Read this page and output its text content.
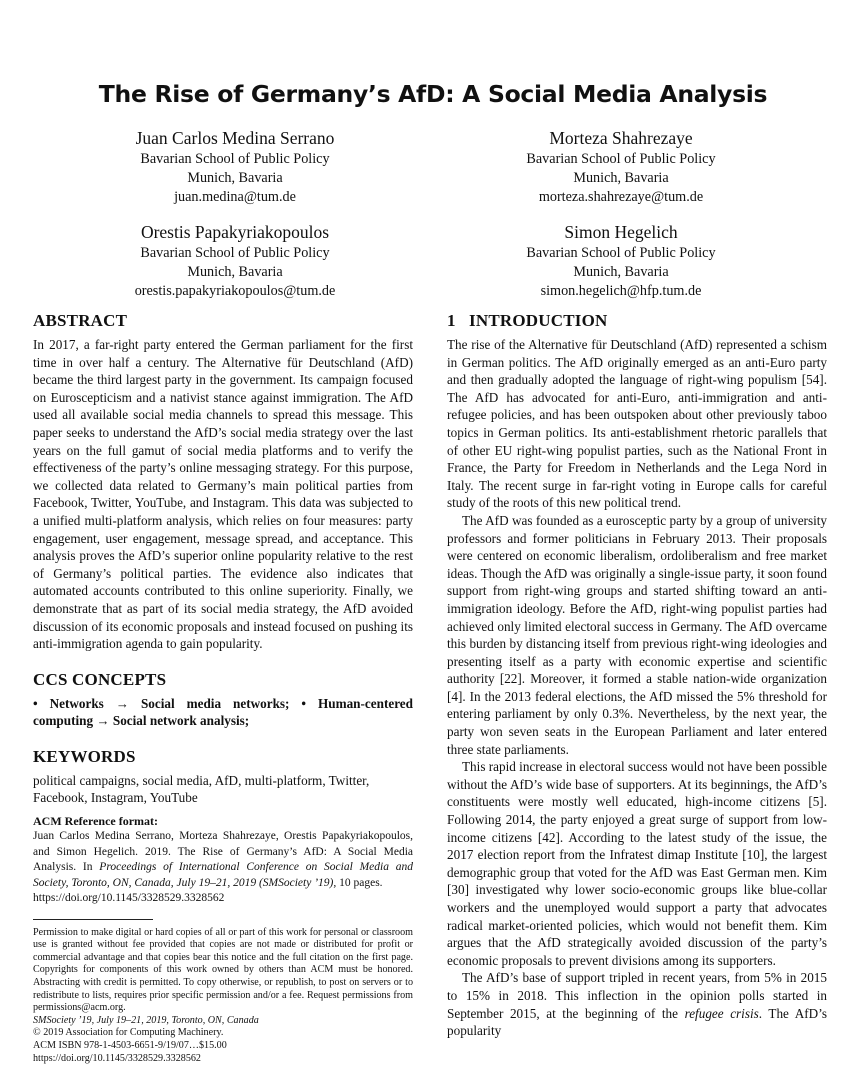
The Rise of Germany’s AfD: A Social Media Analysis
Juan Carlos Medina Serrano
Bavarian School of Public Policy
Munich, Bavaria
juan.medina@tum.de
Morteza Shahrezaye
Bavarian School of Public Policy
Munich, Bavaria
morteza.shahrezaye@tum.de
Orestis Papakyriakopoulos
Bavarian School of Public Policy
Munich, Bavaria
orestis.papakyriakopoulos@tum.de
Simon Hegelich
Bavarian School of Public Policy
Munich, Bavaria
simon.hegelich@hfp.tum.de
ABSTRACT

In 2017, a far-right party entered the German parliament for the first time in over half a century. The Alternative für Deutschland (AfD) became the third largest party in the government. Its campaign focused on Euroscepticism and a nativist stance against immigration. The AfD used all available social media channels to spread this message. This paper seeks to understand the AfD’s social media strategy over the last years on the full gamut of social media platforms and to verify the effectiveness of the party’s online messaging strategy. For this purpose, we collected data related to Germany’s main political parties from Facebook, Twitter, YouTube, and Instagram. This data was subjected to a unified multi-platform analysis, which relies on four measures: party engagement, user engagement, message spread, and acceptance. This analysis proves the AfD’s superior online popularity relative to the rest of Germany’s political parties. The evidence also indicates that automated accounts contributed to this online superiority. Finally, we demonstrate that as part of its social media strategy, the AfD avoided discussion of its economic proposals and instead focused on pushing its anti-immigration agenda to gain popularity.

CCS CONCEPTS

• Networks → Social media networks; • Human-centered computing → Social network analysis;

KEYWORDS

political campaigns, social media, AfD, multi-platform, Twitter, Facebook, Instagram, YouTube

ACM Reference format:

Juan Carlos Medina Serrano, Morteza Shahrezaye, Orestis Papakyriakopoulos, and Simon Hegelich. 2019. The Rise of Germany’s AfD: A Social Media Analysis. In Proceedings of International Conference on Social Media and Society, Toronto, ON, Canada, July 19–21, 2019 (SMSociety ’19), 10 pages.
https://doi.org/10.1145/3328529.3328562

Permission to make digital or hard copies of all or part of this work for personal or classroom use is granted without fee provided that copies are not made or distributed for profit or commercial advantage and that copies bear this notice and the full citation on the first page. Copyrights for components of this work owned by others than ACM must be honored. Abstracting with credit is permitted. To copy otherwise, or republish, to post on servers or to redistribute to lists, requires prior specific permission and/or a fee. Request permissions from permissions@acm.org.

SMSociety ’19, July 19–21, 2019, Toronto, ON, Canada

© 2019 Association for Computing Machinery.

ACM ISBN 978-1-4503-6651-9/19/07…$15.00

https://doi.org/10.1145/3328529.3328562

1   INTRODUCTION

The rise of the Alternative für Deutschland (AfD) represented a schism in German politics. The AfD originally emerged as an anti-Euro party and then gradually adopted the language of right-wing populism [54]. The AfD has advocated for anti-Euro, anti-immigration and anti-refugee policies, and has been outspoken about other previously taboo topics in German politics. Its anti-establishment rhetoric parallels that of other EU right-wing populist parties, such as the National Front in France, the Party for Freedom in Netherlands and the Lega Nord in Italy. The recent surge in far-right voting in Europe calls for careful study of the roots of this new political trend.

The AfD was founded as a eurosceptic party by a group of university professors and former politicians in February 2013. Their proposals were centered on economic liberalism, ordoliberalism and free market ideas. Though the AfD was originally a single-issue party, it soon found support from right-wing groups and started shifting toward an anti-immigration ideology. Before the AfD, right-wing populist parties had achieved only limited electoral success in Germany. The AfD overcame this burden by distancing itself from previous right-wing ideologies and presenting itself as a party with economic expertise and scientific authority [22]. Moreover, it formed a stable nation-wide organization [4]. In the 2013 federal elections, the AfD missed the 5% threshold for entering parliament by only 0.3%. Nevertheless, by the next year, the party won seven seats in the European Parliament and later entered three state parliaments.

This rapid increase in electoral success would not have been possible without the AfD’s wide base of supporters. At its beginnings, the AfD’s constituents were mostly well educated, high-income citizens [5]. Following 2014, the party enjoyed a great surge of support from low-income citizens [42]. According to the latest study of the issue, the 2017 election report from the Infratest dimap Institute [10], the largest demographic group that voted for the AfD was East German men. Kim [30] investigated why lower socio-economic groups like blue-collar workers and the unemployed would support a party that advocates radical market-oriented policies, which would not benefit them. Kim argues that the AfD strategically avoided discussion of the party’s economic proposals to prevent divisions among its supporters.

The AfD’s base of support tripled in recent years, from 5% in 2015 to 15% in 2018. This inflection in the opinion polls started in September 2015, at the beginning of the refugee crisis. The AfD’s popularity
